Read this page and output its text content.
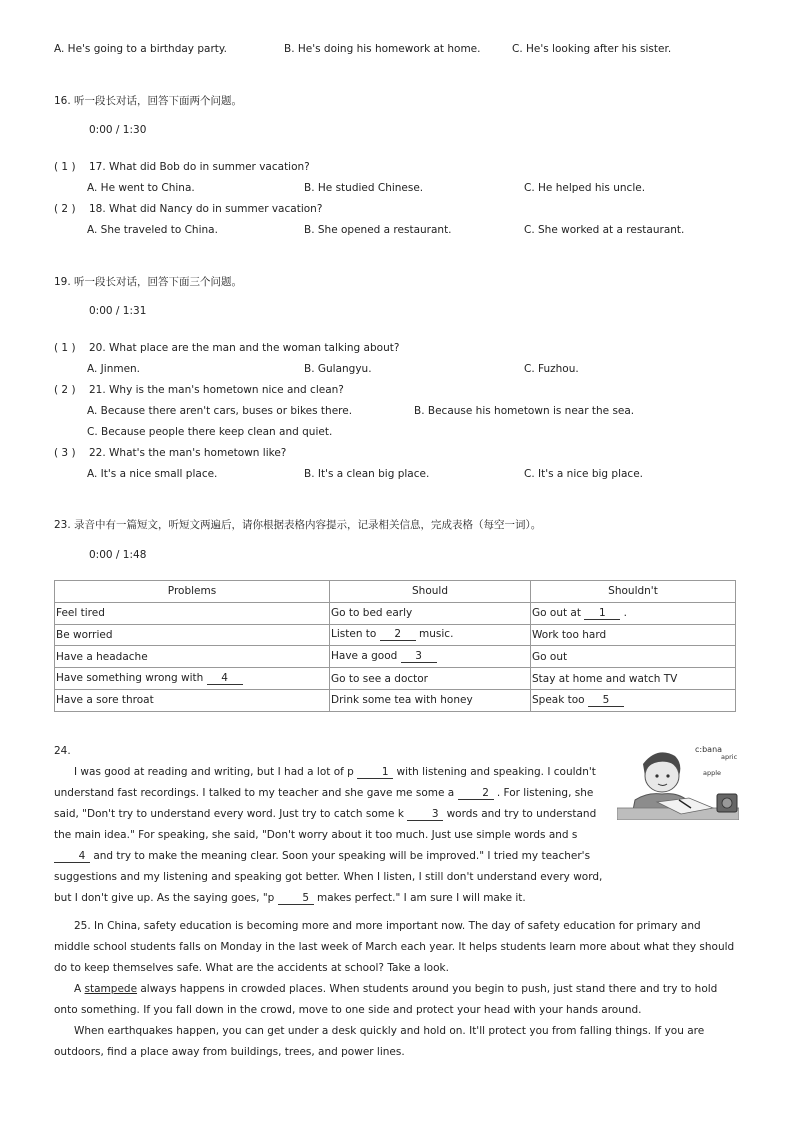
A. He's going to a birthday party.	B. He's doing his homework at home.	C. He's looking after his sister.
16. 听一段长对话，回答下面两个问题。
0:00 / 1:30
( 1 ) 17. What did Bob do in summer vacation?
A. He went to China.	B. He studied Chinese.	C. He helped his uncle.
( 2 ) 18. What did Nancy do in summer vacation?
A. She traveled to China.	B. She opened a restaurant.	C. She worked at a restaurant.
19. 听一段长对话，回答下面三个问题。
0:00 / 1:31
( 1 ) 20. What place are the man and the woman talking about?
A. Jinmen.	B. Gulangyu.	C. Fuzhou.
( 2 ) 21. Why is the man's hometown nice and clean?
A. Because there aren't cars, buses or bikes there.	B. Because his hometown is near the sea.
C. Because people there keep clean and quiet.
( 3 ) 22. What's the man's hometown like?
A. It's a nice small place.	B. It's a clean big place.	C. It's a nice big place.
23. 录音中有一篇短文，听短文两遍后，请你根据表格内容提示，记录相关信息，完成表格（每空一词）。
0:00 / 1:48
Problems	Should	Shouldn't
Feel tired	Go to bed early	Go out at 1 .
Be worried	Listen to 2 music.	Work too hard
Have a headache	Have a good 3	Go out
Have something wrong with 4	Go to see a doctor	Stay at home and watch TV
Have a sore throat	Drink some tea with honey	Speak too 5
24.	c:bana
apric
apple

I was good at reading and writing, but I had a lot of p 1 with listening and speaking. I couldn't understand fast recordings. I talked to my teacher and she gave me some a 2 . For listening, she said, "Don't try to understand every word. Just try to catch some k 3 words and try to understand the main idea." For speaking, she said, "Don't worry about it too much. Just use simple words and s 4 and try to make the meaning clear. Soon your speaking will be improved." I tried my teacher's suggestions and my listening and speaking got better. When I listen, I still don't understand every word, but I don't give up. As the saying goes, "p 5 makes perfect." I am sure I will make it.

25. In China, safety education is becoming more and more important now. The day of safety education for primary and middle school students falls on Monday in the last week of March each year. It helps students learn more about what they should do to keep themselves safe. What are the accidents at school? Take a look.

A stampede always happens in crowded places. When students around you begin to push, just stand there and try to hold onto something. If you fall down in the crowd, move to one side and protect your head with your hands around.

When earthquakes happen, you can get under a desk quickly and hold on. It'll protect you from falling things. If you are outdoors, find a place away from buildings, trees, and power lines.
